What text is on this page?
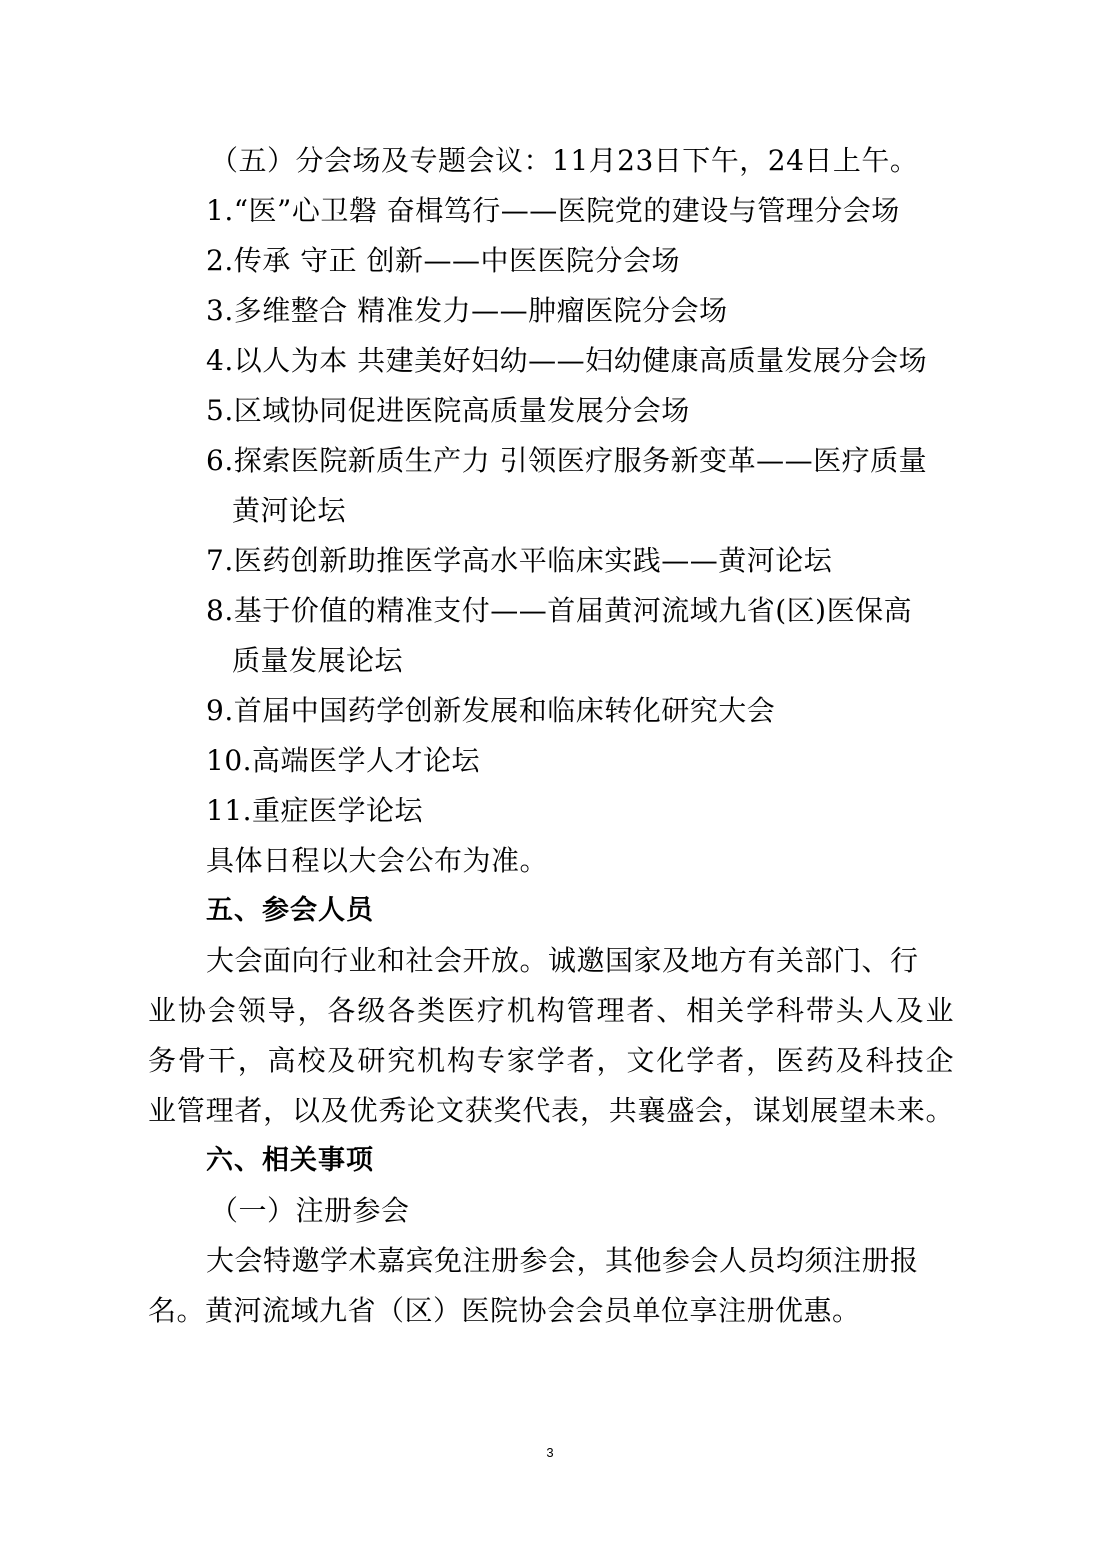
（五）分会场及专题会议：11月23日下午，24日上午。

1.“医”心卫磐 奋楫笃行——医院党的建设与管理分会场

2.传承 守正 创新——中医医院分会场

3.多维整合 精准发力——肿瘤医院分会场

4.以人为本 共建美好妇幼——妇幼健康高质量发展分会场

5.区域协同促进医院高质量发展分会场

6.探索医院新质生产力 引领医疗服务新变革——医疗质量

黄河论坛

7.医药创新助推医学高水平临床实践——黄河论坛

8.基于价值的精准支付——首届黄河流域九省(区)医保高

质量发展论坛

9.首届中国药学创新发展和临床转化研究大会

10.高端医学人才论坛

11.重症医学论坛

具体日程以大会公布为准。

五、参会人员

大会面向行业和社会开放。诚邀国家及地方有关部门、行

业协会领导，各级各类医疗机构管理者、相关学科带头人及业

务骨干，高校及研究机构专家学者，文化学者，医药及科技企

业管理者，以及优秀论文获奖代表，共襄盛会，谋划展望未来。

六、相关事项

（一）注册参会

大会特邀学术嘉宾免注册参会，其他参会人员均须注册报

名。黄河流域九省（区）医院协会会员单位享注册优惠。

3
